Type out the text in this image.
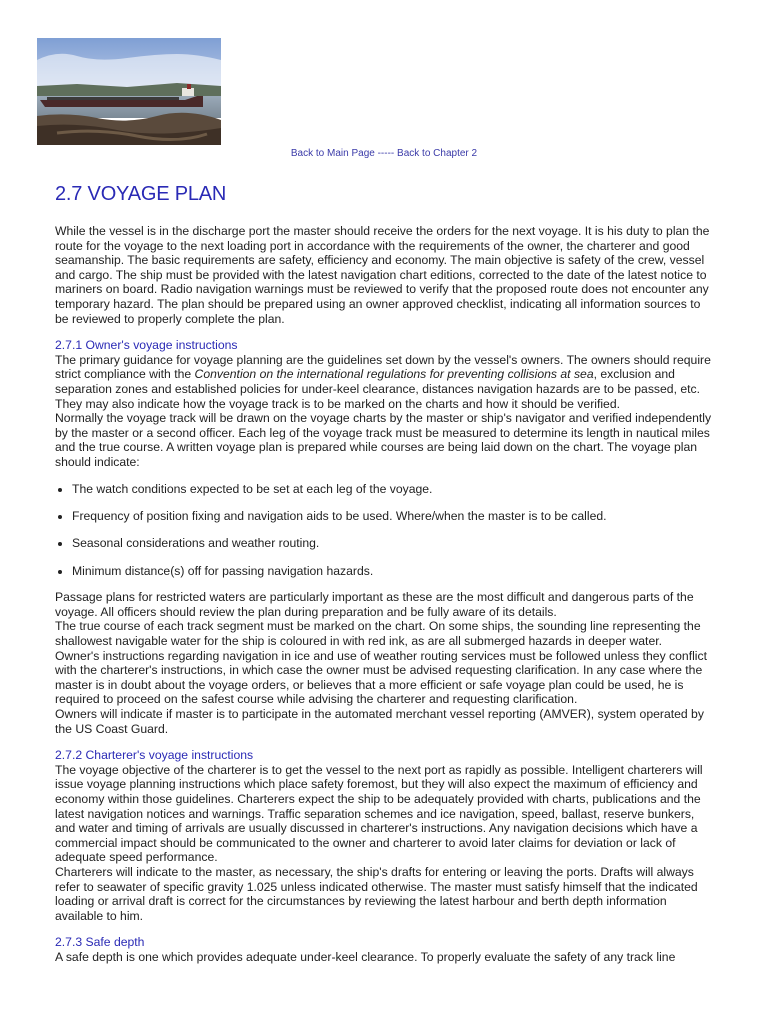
Back to Main Page ----- Back to Chapter 2
2.7 VOYAGE PLAN

While the vessel is in the discharge port the master should receive the orders for the next voyage. It is his duty to plan the route for the voyage to the next loading port in accordance with the requirements of the owner, the charterer and good seamanship. The basic requirements are safety, efficiency and economy. The main objective is safety of the crew, vessel and cargo. The ship must be provided with the latest navigation chart editions, corrected to the date of the latest notice to mariners on board. Radio navigation warnings must be reviewed to verify that the proposed route does not encounter any temporary hazard. The plan should be prepared using an owner approved checklist, indicating all information sources to be reviewed to properly complete the plan.

2.7.1 Owner's voyage instructions

The primary guidance for voyage planning are the guidelines set down by the vessel's owners. The owners should require strict compliance with the Convention on the international regulations for preventing collisions at sea, exclusion and separation zones and established policies for under-keel clearance, distances navigation hazards are to be passed, etc. They may also indicate how the voyage track is to be marked on the charts and how it should be verified.

Normally the voyage track will be drawn on the voyage charts by the master or ship's navigator and verified independently by the master or a second officer. Each leg of the voyage track must be measured to determine its length in nautical miles and the true course. A written voyage plan is prepared while courses are being laid down on the chart. The voyage plan should indicate:

• The watch conditions expected to be set at each leg of the voyage.
• Frequency of position fixing and navigation aids to be used. Where/when the master is to be called.
• Seasonal considerations and weather routing.
• Minimum distance(s) off for passing navigation hazards.

Passage plans for restricted waters are particularly important as these are the most difficult and dangerous parts of the voyage. All officers should review the plan during preparation and be fully aware of its details.

The true course of each track segment must be marked on the chart. On some ships, the sounding line representing the shallowest navigable water for the ship is coloured in with red ink, as are all submerged hazards in deeper water.

Owner's instructions regarding navigation in ice and use of weather routing services must be followed unless they conflict with the charterer's instructions, in which case the owner must be advised requesting clarification. In any case where the master is in doubt about the voyage orders, or believes that a more efficient or safe voyage plan could be used, he is required to proceed on the safest course while advising the charterer and requesting clarification.

Owners will indicate if master is to participate in the automated merchant vessel reporting (AMVER), system operated by the US Coast Guard.

2.7.2 Charterer's voyage instructions

The voyage objective of the charterer is to get the vessel to the next port as rapidly as possible. Intelligent charterers will issue voyage planning instructions which place safety foremost, but they will also expect the maximum of efficiency and economy within those guidelines. Charterers expect the ship to be adequately provided with charts, publications and the latest navigation notices and warnings. Traffic separation schemes and ice navigation, speed, ballast, reserve bunkers, and water and timing of arrivals are usually discussed in charterer's instructions. Any navigation decisions which have a commercial impact should be communicated to the owner and charterer to avoid later claims for deviation or lack of adequate speed performance.

Charterers will indicate to the master, as necessary, the ship's drafts for entering or leaving the ports. Drafts will always refer to seawater of specific gravity 1.025 unless indicated otherwise. The master must satisfy himself that the indicated loading or arrival draft is correct for the circumstances by reviewing the latest harbour and berth depth information available to him.

2.7.3 Safe depth

A safe depth is one which provides adequate under-keel clearance. To properly evaluate the safety of any track line
